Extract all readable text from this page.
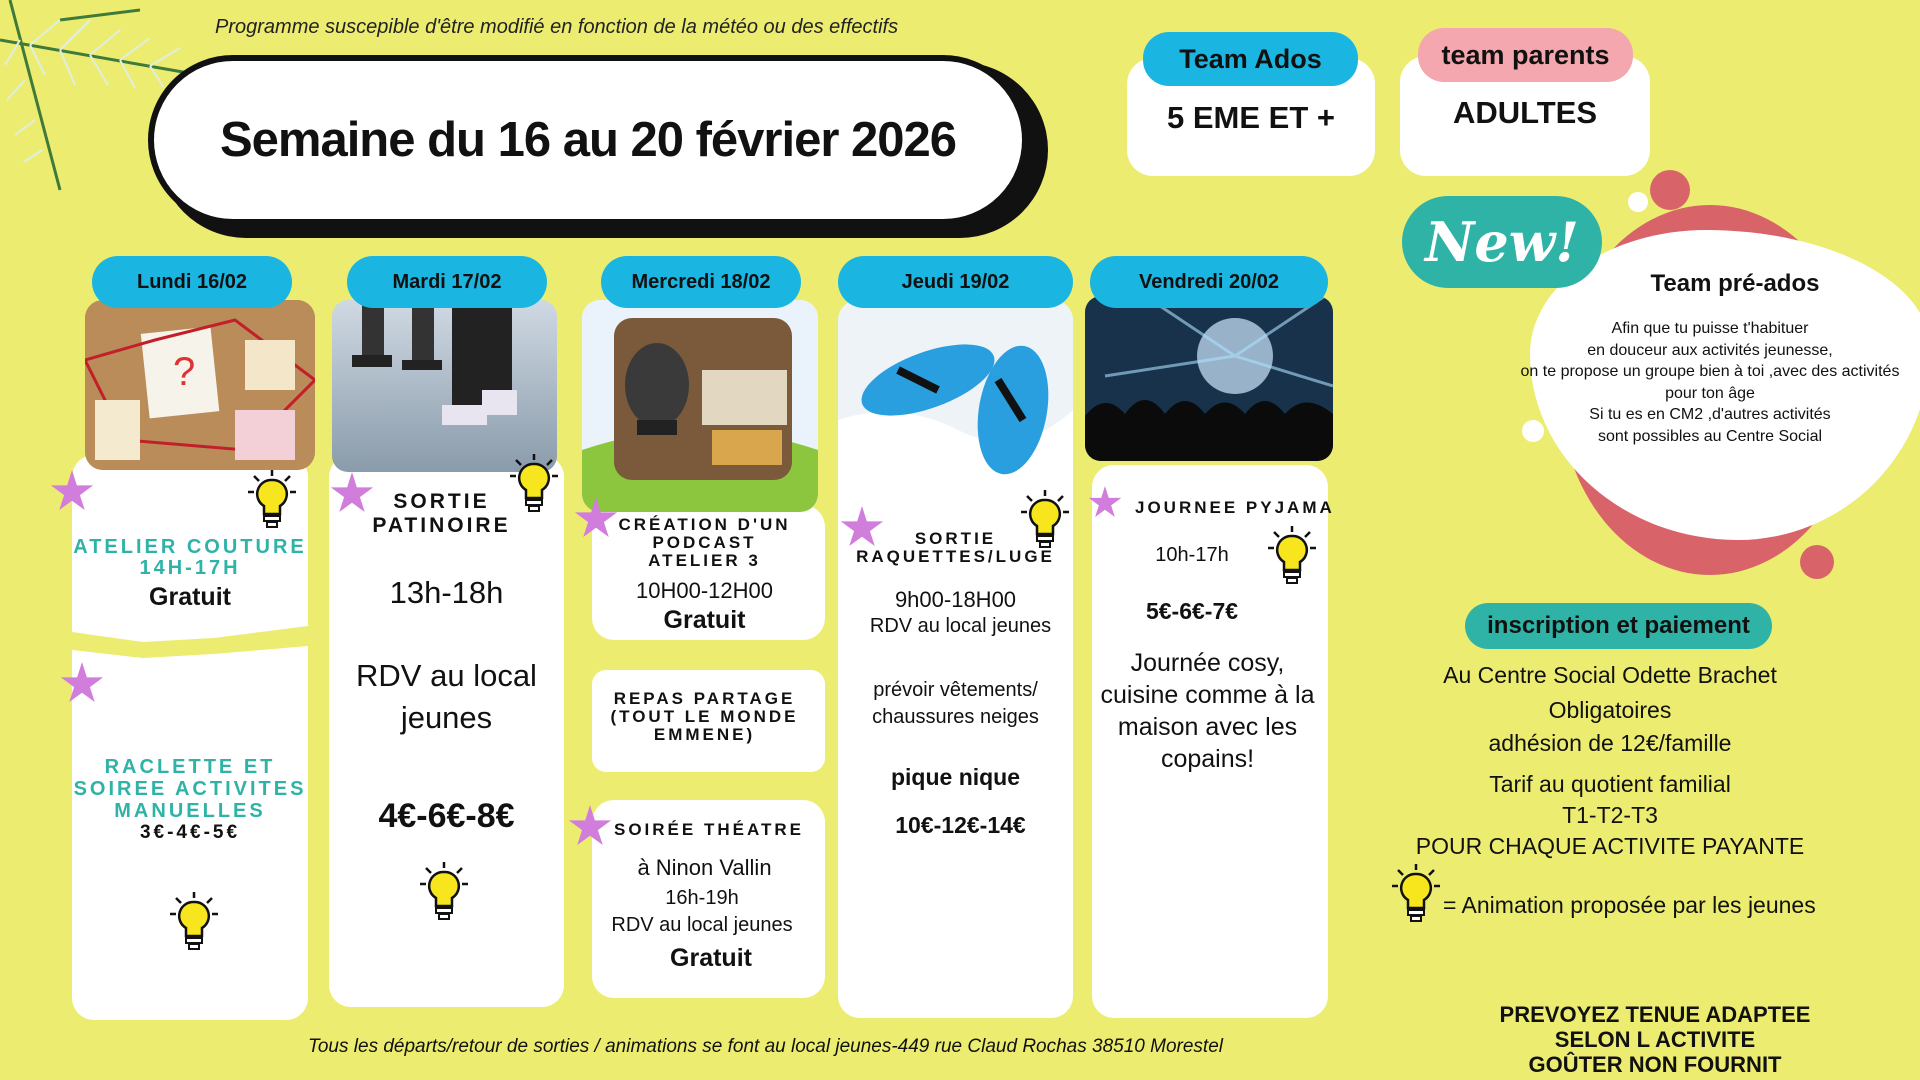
Programme suscepible d'être modifié en fonction de la météo ou des effectifs
Semaine du 16 au 20 février 2026
Team Ados
5 EME ET +
team parents
ADULTES
New!
Team pré-ados
Afin que tu puisse t'habituer
en douceur aux activités jeunesse,
on te propose un groupe bien à toi ,avec des activités
pour ton âge
Si tu es en CM2 ,d'autres activités
sont possibles au Centre Social
?
Lundi 16/02
ATELIER COUTURE
14H-17H
Gratuit
RACLETTE ET
SOIREE ACTIVITES
MANUELLES
3€-4€-5€
Mardi 17/02
SORTIE
PATINOIRE
13h-18h
RDV au local
jeunes
4€-6€-8€
Mercredi 18/02
CRÉATION D'UN
PODCAST
ATELIER 3
10H00-12H00
Gratuit
REPAS PARTAGE
(TOUT LE MONDE
EMMENE)
SOIRÉE THÉATRE
à Ninon Vallin
16h-19h
RDV au local jeunes
Gratuit
Jeudi 19/02
SORTIE
RAQUETTES/LUGE
9h00-18H00
RDV au local jeunes
prévoir vêtements/
chaussures neiges
pique nique
10€-12€-14€
Vendredi 20/02
JOURNEE PYJAMA
10h-17h
5€-6€-7€
Journée cosy,
cuisine comme à la
maison avec les
copains!
inscription et paiement
Au Centre Social Odette Brachet
Obligatoires
adhésion de 12€/famille
Tarif au quotient familial
T1-T2-T3
POUR CHAQUE ACTIVITE PAYANTE
= Animation proposée par les jeunes
Tous les départs/retour de sorties / animations se font au local jeunes-449 rue Claud Rochas 38510 Morestel
PREVOYEZ TENUE ADAPTEE
SELON L ACTIVITE
GOÛTER NON FOURNIT
